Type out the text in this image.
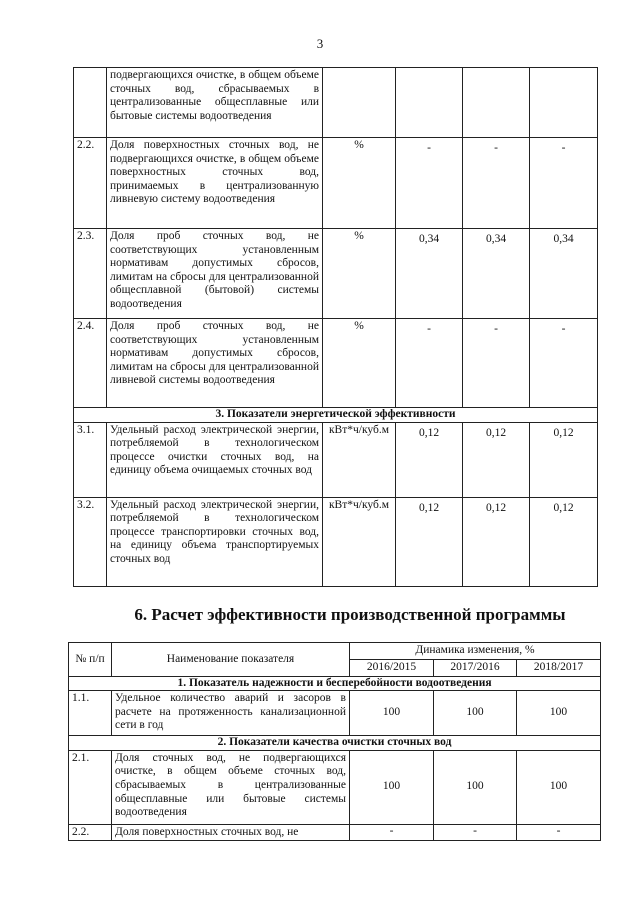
3
	подвергающихся очистке, в общем объеме сточных вод, сбрасываемых в централизованные общесплавные или бытовые системы водоотведения				
2.2.	Доля поверхностных сточных вод, не подвергающихся очистке, в общем объеме поверхностных сточных вод, принимаемых в централизованную ливневую систему водоотведения	%	-	-	-
2.3.	Доля проб сточных вод, не соответствующих установленным нормативам допустимых сбросов, лимитам на сбросы для централизованной общесплавной (бытовой) системы водоотведения	%	0,34	0,34	0,34
2.4.	Доля проб сточных вод, не соответствующих установленным нормативам допустимых сбросов, лимитам на сбросы для централизованной ливневой системы водоотведения	%	-	-	-
3. Показатели энергетической эффективности					
3.1.	Удельный расход электрической энергии, потребляемой в технологическом процессе очистки сточных вод, на единицу объема очищаемых сточных вод	кВт*ч/куб.м	0,12	0,12	0,12
3.2.	Удельный расход электрической энергии, потребляемой в технологическом процессе транспортировки сточных вод, на единицу объема транспортируемых сточных вод	кВт*ч/куб.м	0,12	0,12	0,12
6. Расчет эффективности производственной программы
№ п/п	Наименование показателя	Динамика изменения, %		
		2016/2015	2017/2016	2018/2017
1. Показатель надежности и бесперебойности водоотведения				
1.1.	Удельное количество аварий и засоров в расчете на протяженность канализационной сети в год	100	100	100
2. Показатели качества очистки сточных вод				
2.1.	Доля сточных вод, не подвергающихся очистке, в общем объеме сточных вод, сбрасываемых в централизованные общесплавные или бытовые системы водоотведения	100	100	100
2.2.	Доля поверхностных сточных вод, не	-	-	-
